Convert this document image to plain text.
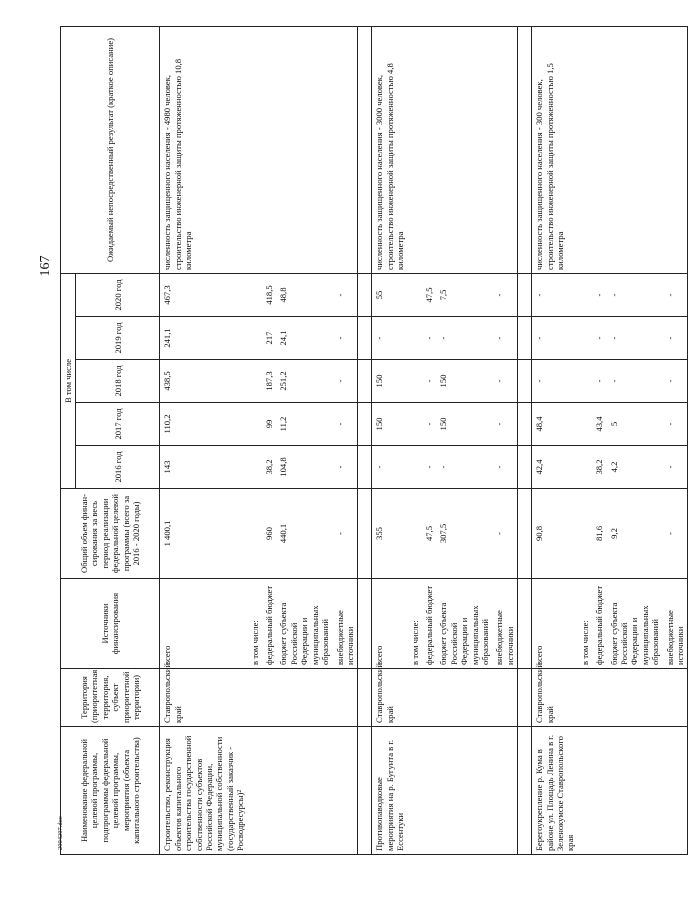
167
2004207.doc Наименование федеральной целевой программы, подпрограммы федеральной целевой программы, мероприятия (объекта капитального строительства)	Территория (приоритетная территория, субъект приоритетной территории)	Источники финансирования	Общий объем финан-сирования за весь период реализации федеральной целевой программы (всего за 2016 - 2020 годы)	В том числе					Ожидаемый непосредственный результат (краткое описание)
				2016 год	2017 год	2018 год	2019 год	2020 год	
Строительство, реконструкция объектов капитального строительства государственной собственности субъектов Российской Федерации, муниципальной собственности (государственный заказчик - Росводресурсы)$^2$	Ставропольский край	всего	1 400,1	143	110,2	438,5	241,1	467,3	численность защищенного населения - 4980 человек, строительство инженерной защиты протяженностью 10,8 километра
		в том числе:							
		федеральный бюджет	960	38,2	99	187,3	217	418,5	
		бюджет субъекта Российской Федерации и муниципальных образований	440,1	104,8	11,2	251,2	24,1	48,8	
		внебюджетные источники	-	-	-	-	-	-	

Противопаводковые мероприятия на р. Бугунта в г. Ессентуки	Ставропольский край	всего	355	-	150	150	-	55	численность защищенного населения - 3000 человек, строительство инженерной защиты протяженностью 4,8 километра
		в том числе:							
		федеральный бюджет	47,5	-	-	-	-	47,5	
		бюджет субъекта Российской Федерации и муниципальных образований	307,5	-	150	150	-	7,5	
		внебюджетные источники	-	-	-	-	-	-	

Берегоукрепление р. Кума в районе ул. Площадь Ленина в г. Зеленокумске Ставропольского края	Ставропольский край	всего	90,8	42,4	48,4	-	-	-	численность защищенного населения - 300 человек, строительство инженерной защиты протяженностью 1,5 километра
		в том числе:							
		федеральный бюджет	81,6	38,2	43,4	-	-	-	
		бюджет субъекта Российской Федерации и муниципальных образований	9,2	4,2	5	-	-	-	
		внебюджетные источники	-	-	-	-	-	-	
